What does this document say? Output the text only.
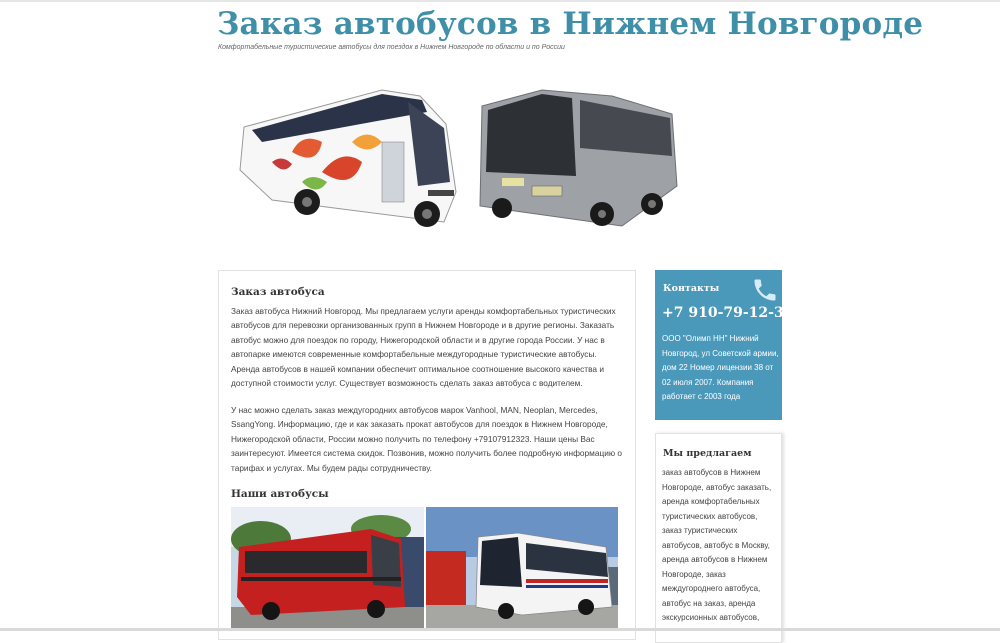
Заказ автобусов в Нижнем Новгороде
Комфортабельные туристические автобусы для поездок в Нижнем Новгороде по области и по России
Заказ автобуса
Заказ автобуса Нижний Новгород. Мы предлагаем услуги аренды комфортабельных туристических автобусов для перевозки организованных групп в Нижнем Новгороде и в другие регионы. Заказать автобус можно для поездок по городу, Нижегородской области и в другие города России. У нас в автопарке имеются современные комфортабельные междугородные туристические автобусы. Аренда автобусов в нашей компании обеспечит оптимальное соотношение высокого качества и доступной стоимости услуг. Существует возможность сделать заказ автобуса с водителем.
У нас можно сделать заказ междугородних автобусов марок Vanhool, MAN, Neoplan, Mercedes, SsangYong. Информацию, где и как заказать прокат автобусов для поездок в Нижнем Новгороде, Нижегородской области, России можно получить по телефону +79107912323. Наши цены Вас заинтересуют. Имеется система скидок. Позвонив, можно получить более подробную информацию о тарифах и услугах. Мы будем рады сотрудничеству.
Наши автобусы
Контакты
+7 910-79-12-323
ООО "Олимп НН" Нижний Новгород, ул Советской армии, дом 22 Номер лицензии 38 от 02 июля 2007. Компания работает с 2003 года
Мы предлагаем
заказ автобусов в Нижнем Новгороде, автобус заказать, аренда комфортабельных туристических автобусов, заказ туристических автобусов, автобус в Москву, аренда автобусов в Нижнем Новгороде, заказ междугороднего автобуса, автобус на заказ, аренда экскурсионных автобусов,
